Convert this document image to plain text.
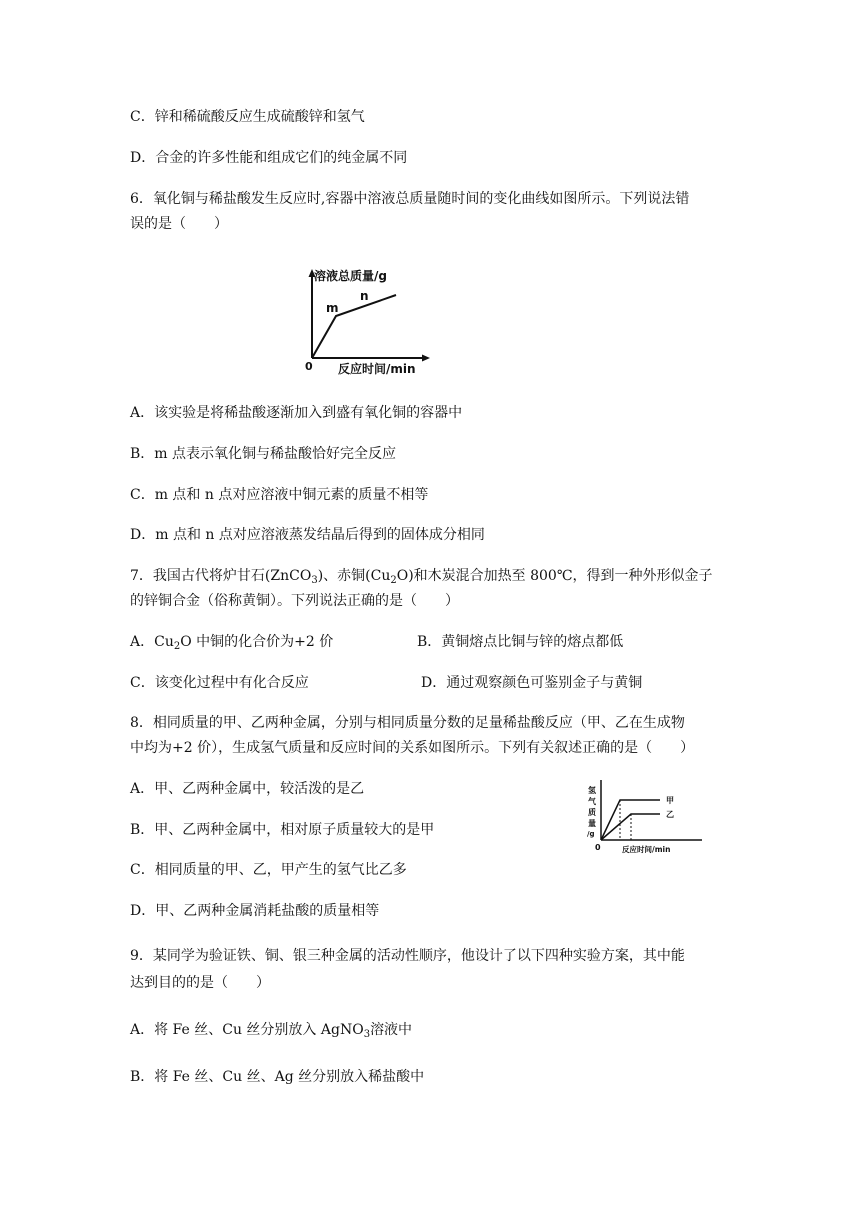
C．锌和稀硫酸反应生成硫酸锌和氢气
D．合金的许多性能和组成它们的纯金属不同
6．氧化铜与稀盐酸发生反应时,容器中溶液总质量随时间的变化曲线如图所示。下列说法错
误的是（　　）
溶液总质量/g
m
n
0 反应时间/min
A．该实验是将稀盐酸逐渐加入到盛有氧化铜的容器中
B．m 点表示氧化铜与稀盐酸恰好完全反应
C．m 点和 n 点对应溶液中铜元素的质量不相等
D．m 点和 n 点对应溶液蒸发结晶后得到的固体成分相同
7．我国古代将炉甘石(ZnCO$_3$)、赤铜$(Cu_2O)$和木炭混合加热至 800℃，得到一种外形似金子
的锌铜合金（俗称黄铜）。下列说法正确的是（　　）
A．$Cu_2O$ 中铜的化合价为+2 价	B．黄铜熔点比铜与锌的熔点都低
C．该变化过程中有化合反应	D．通过观察颜色可鉴别金子与黄铜
8．相同质量的甲、乙两种金属，分别与相同质量分数的足量稀盐酸反应（甲、乙在生成物
中均为+2 价），生成氢气质量和反应时间的关系如图所示。下列有关叙述正确的是（　　）
A．甲、乙两种金属中，较活泼的是乙
B．甲、乙两种金属中，相对原子质量较大的是甲
C．相同质量的甲、乙，甲产生的氢气比乙多
D．甲、乙两种金属消耗盐酸的质量相等
氢
气
质
量
/g
甲
乙
0	反应时间/min
9．某同学为验证铁、铜、银三种金属的活动性顺序，他设计了以下四种实验方案，其中能
达到目的的是（　　）
A．将 Fe 丝、Cu 丝分别放入 AgNO$_3$溶液中
B．将 Fe 丝、Cu 丝、Ag 丝分别放入稀盐酸中
